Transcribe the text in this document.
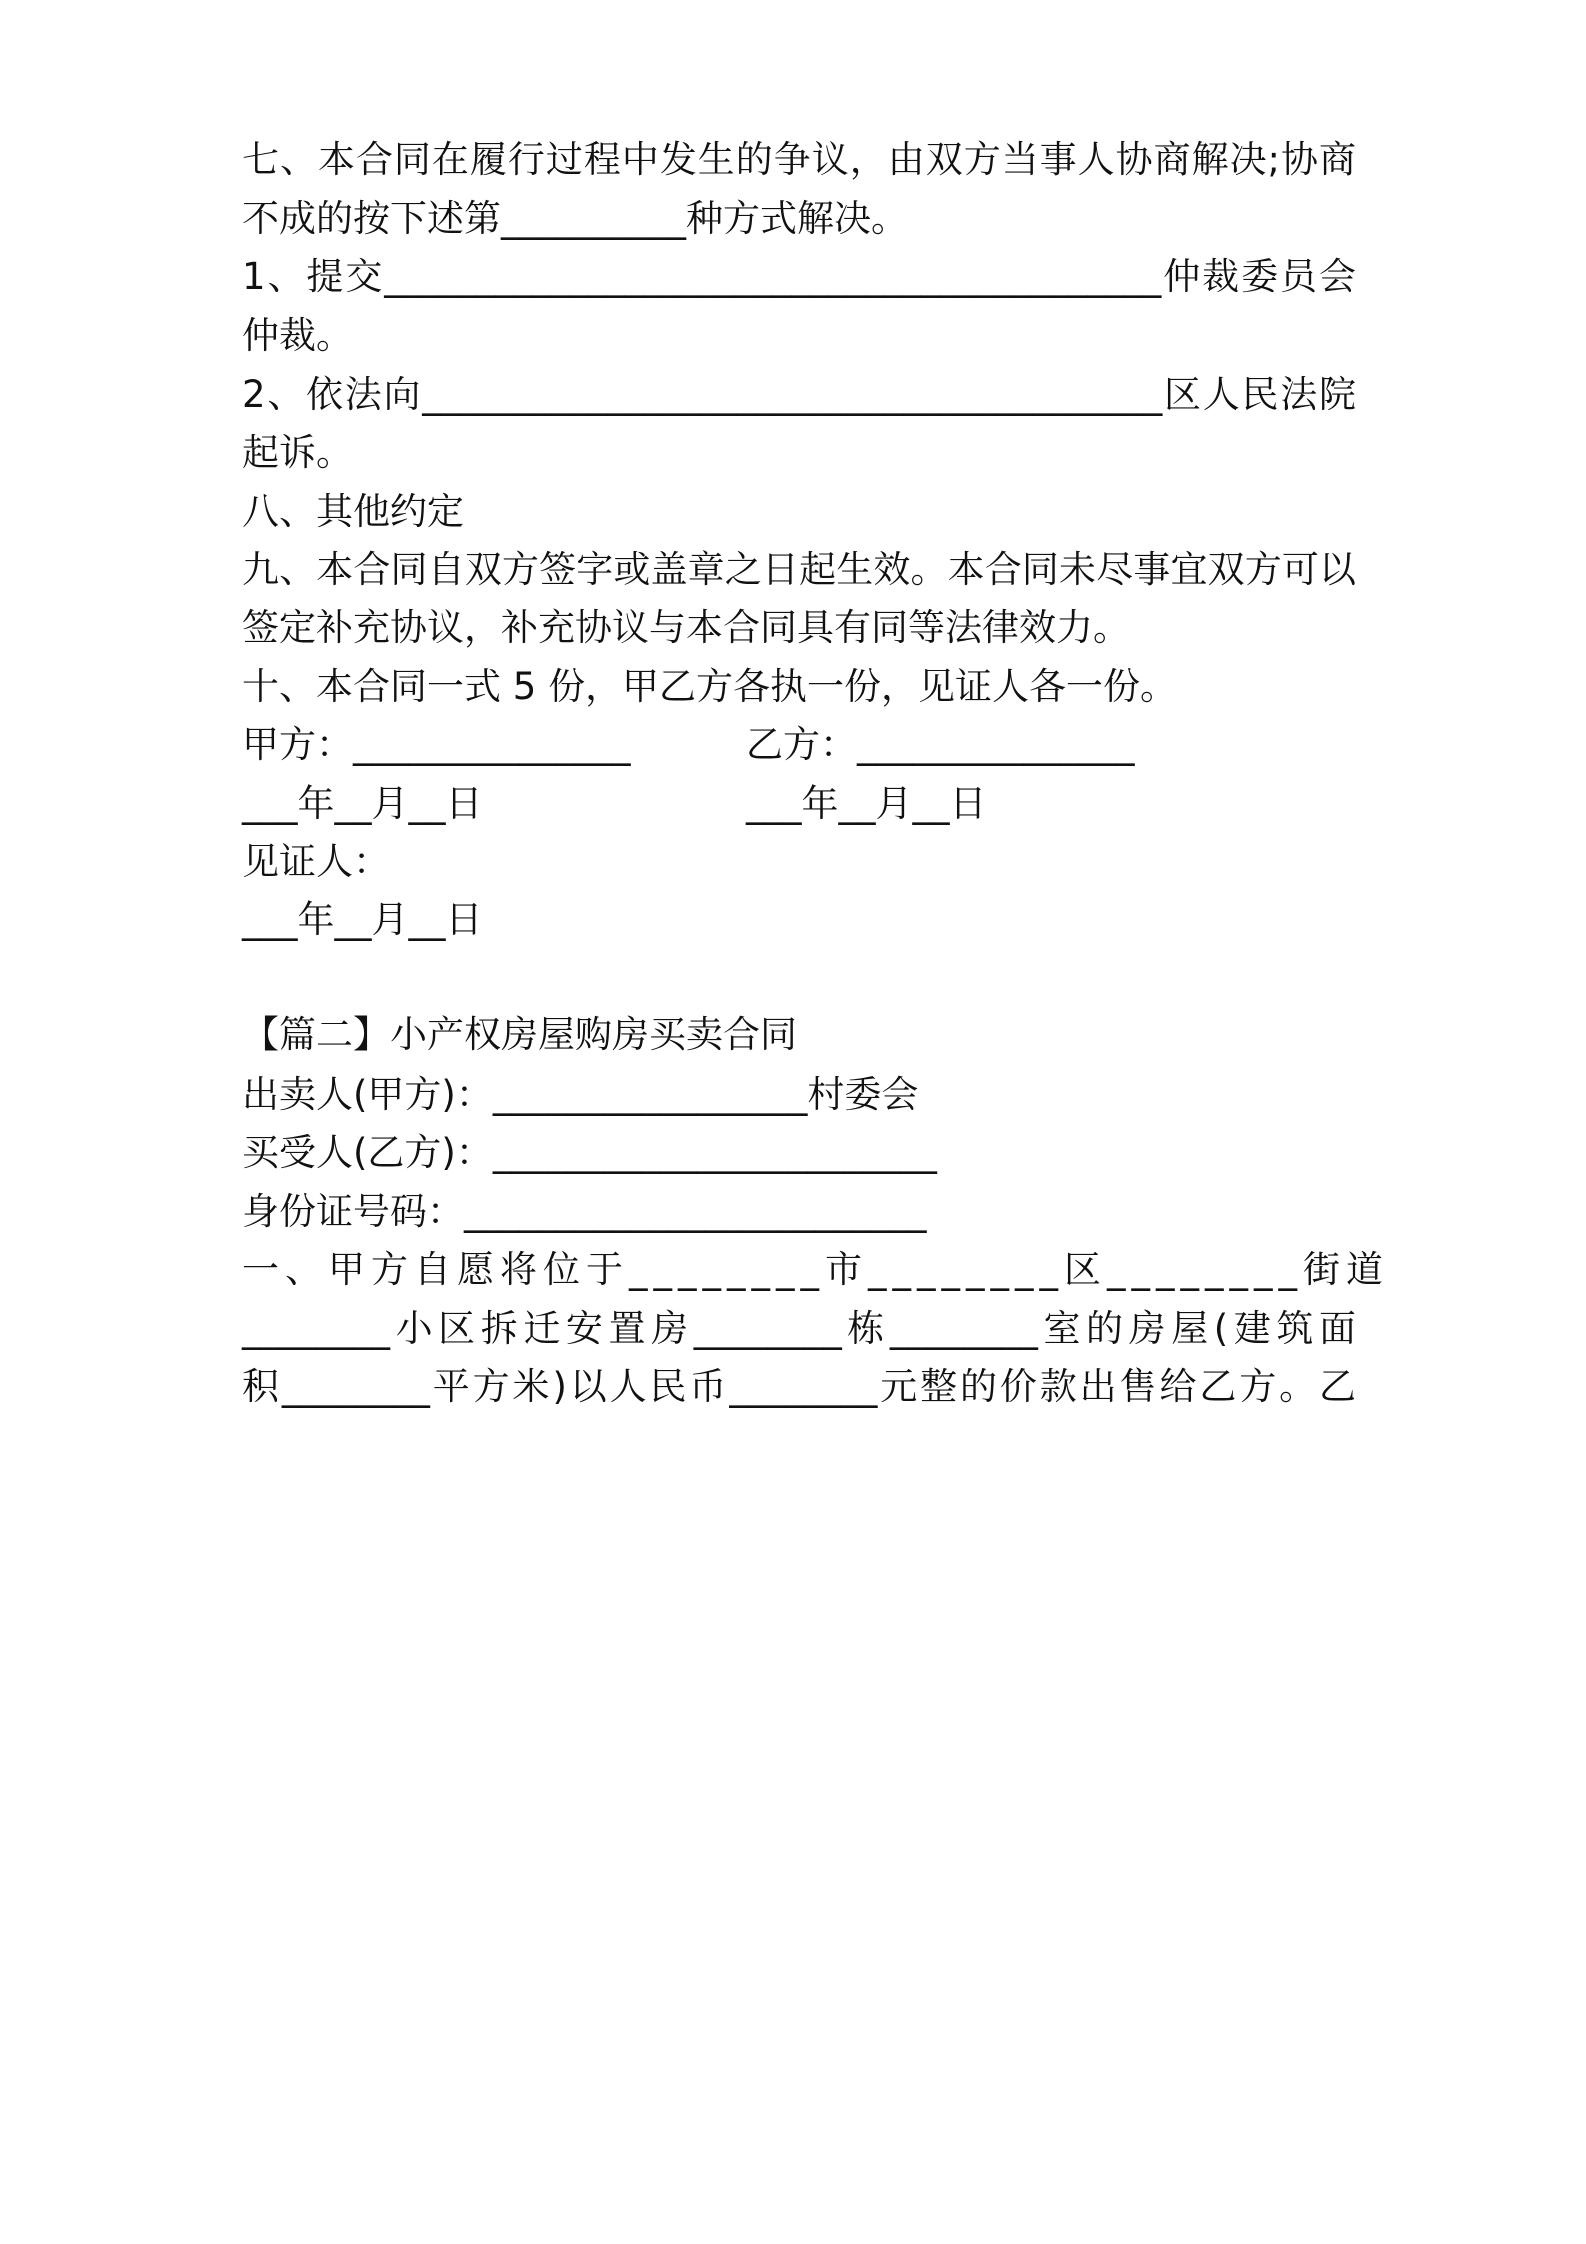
七、本合同在履行过程中发生的争议，由双方当事人协商解决;协商
不成的按下述第__________种方式解决。
1、提交__________________________________________仲裁委员会
仲裁。
2、依法向________________________________________区人民法院
起诉。
八、其他约定
九、本合同自双方签字或盖章之日起生效。本合同未尽事宜双方可以
签定补充协议，补充协议与本合同具有同等法律效力。
十、本合同一式 5 份，甲乙方各执一份，见证人各一份。
甲方：_______________	乙方：_______________
___年__月__日	___年__月__日
见证人：
___年__月__日
【篇二】小产权房屋购房买卖合同
出卖人(甲方)：_________________村委会
买受人(乙方)：________________________
身份证号码：_________________________
一、甲方自愿将位于________市________区________街道
________小区拆迁安置房________栋________室的房屋(建筑面
积________平方米)以人民币________元整的价款出售给乙方。乙
